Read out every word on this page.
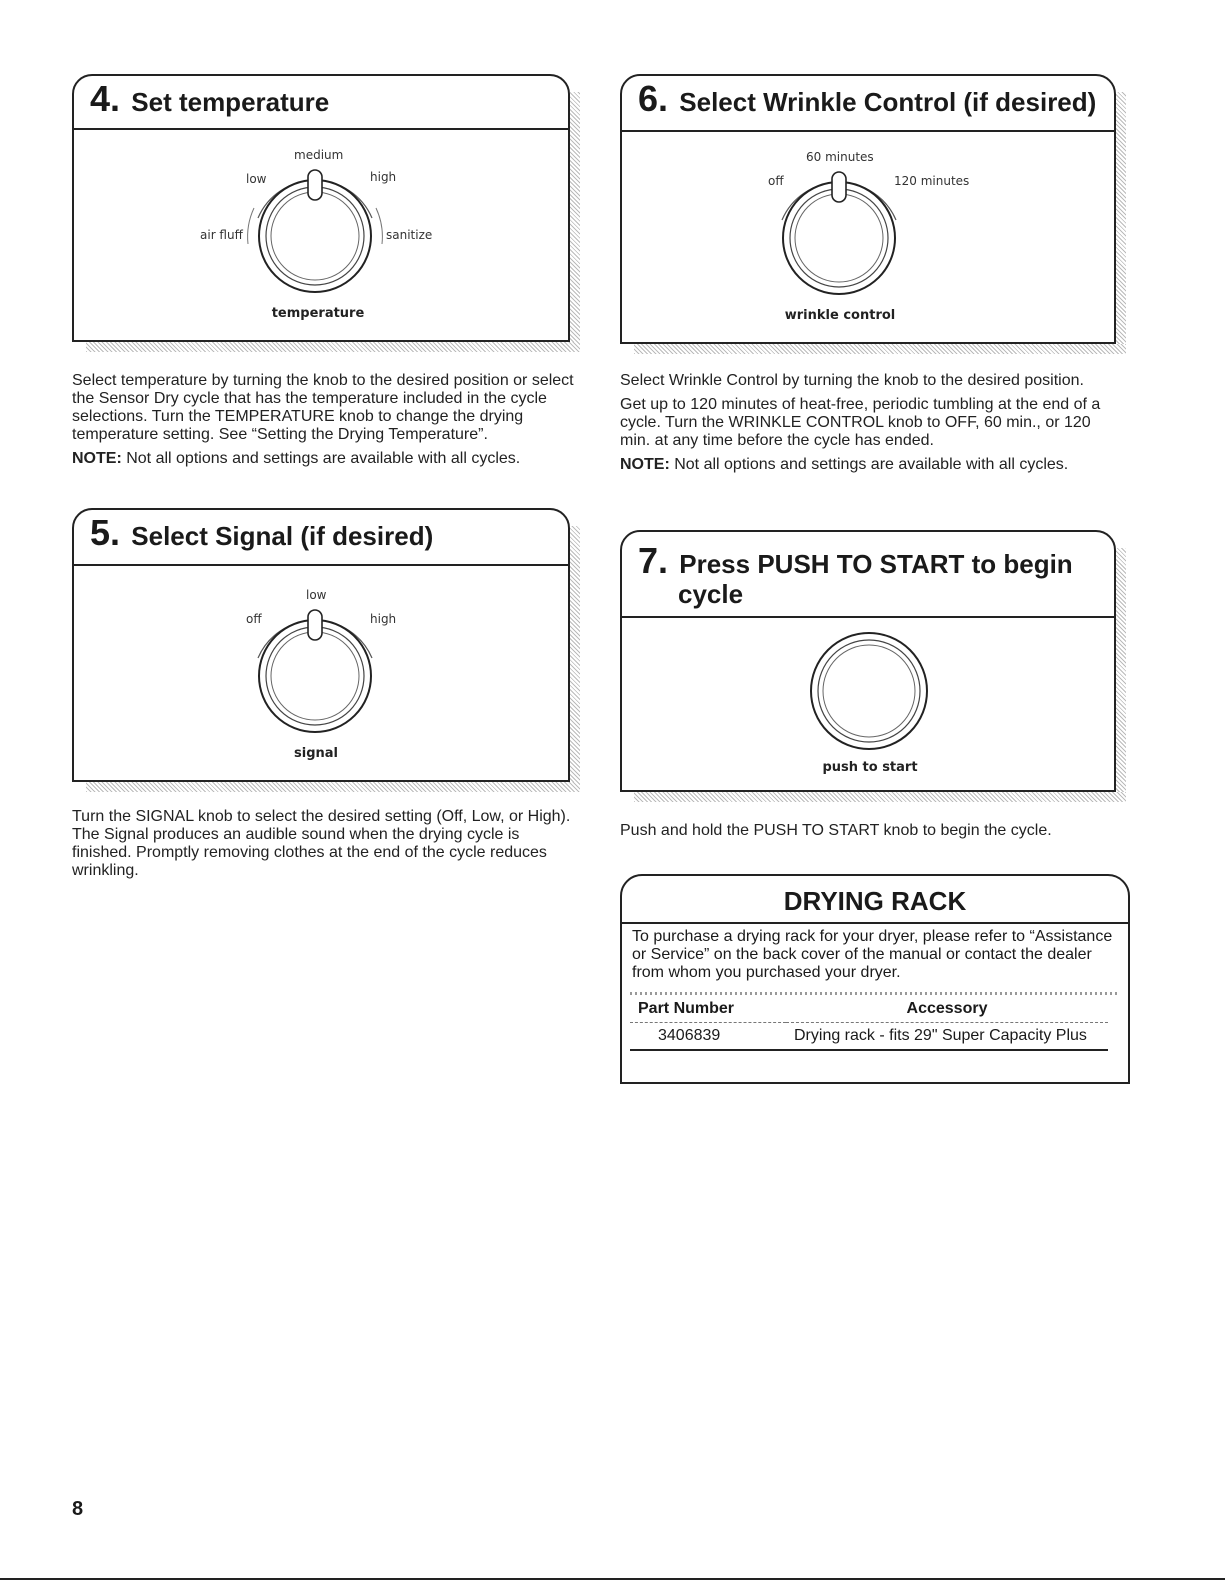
4. Set temperature
medium
low	high
air fluff	sanitize
temperature

Select temperature by turning the knob to the desired position or select the Sensor Dry cycle that has the temperature included in the cycle selections. Turn the TEMPERATURE knob to change the drying temperature setting. See “Setting the Drying Temperature”.

NOTE: Not all options and settings are available with all cycles.

5. Select Signal (if desired)
low
off	high
signal

Turn the SIGNAL knob to select the desired setting (Off, Low, or High). The Signal produces an audible sound when the drying cycle is finished. Promptly removing clothes at the end of the cycle reduces wrinkling.

6. Select Wrinkle Control (if desired)
60 minutes
off	120 minutes
wrinkle control

Select Wrinkle Control by turning the knob to the desired position.

Get up to 120 minutes of heat-free, periodic tumbling at the end of a cycle. Turn the WRINKLE CONTROL knob to OFF, 60 min., or 120 min. at any time before the cycle has ended.

NOTE: Not all options and settings are available with all cycles.

7. Press PUSH TO START to begin cycle
push to start

Push and hold the PUSH TO START knob to begin the cycle.

DRYING RACK
To purchase a drying rack for your dryer, please refer to “Assistance or Service” on the back cover of the manual or contact the dealer from whom you purchased your dryer.
Part Number	Accessory
3406839	Drying rack - fits 29" Super Capacity Plus
8
